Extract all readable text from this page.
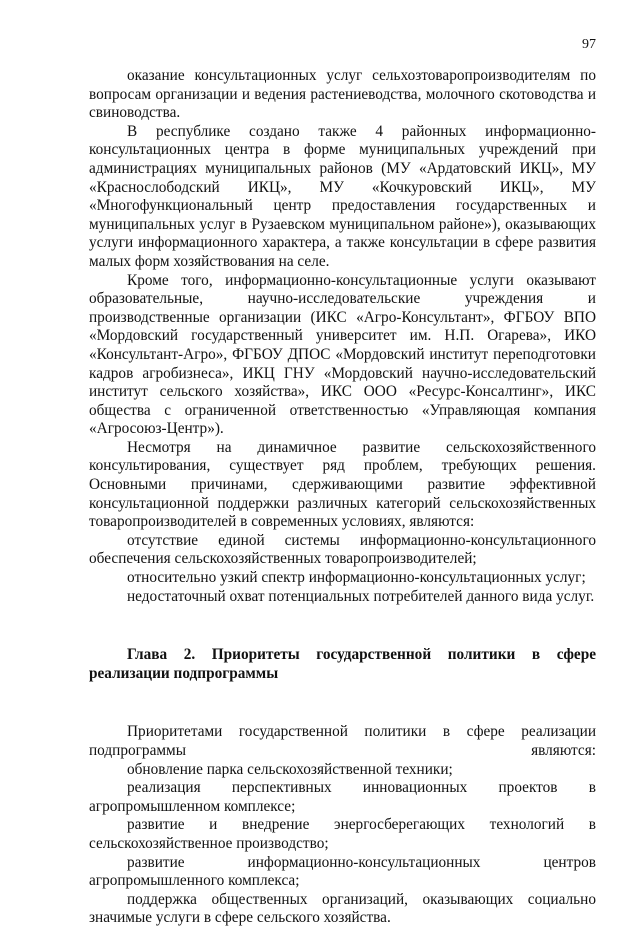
97

оказание консультационных услуг сельхозтоваропроизводителям по вопросам организации и ведения растениеводства, молочного скотоводства и свиноводства.

В республике создано также 4 районных информационно-консультационных центра в форме муниципальных учреждений при администрациях муниципальных районов (МУ «Ардатовский ИКЦ», МУ «Краснослободский ИКЦ», МУ «Кочкуровский ИКЦ», МУ «Многофункциональный центр предоставления государственных и муниципальных услуг в Рузаевском муниципальном районе»), оказывающих услуги информационного характера, а также консультации в сфере развития малых форм хозяйствования на селе.

Кроме того, информационно-консультационные услуги оказывают образовательные, научно-исследовательские учреждения и производственные организации (ИКС «Агро-Консультант», ФГБОУ ВПО «Мордовский государственный университет им. Н.П. Огарева», ИКО «Консультант-Агро», ФГБОУ ДПОС «Мордовский институт переподготовки кадров агробизнеса», ИКЦ ГНУ «Мордовский научно-исследовательский институт сельского хозяйства», ИКС ООО «Ресурс-Консалтинг», ИКС общества с ограниченной ответственностью «Управляющая компания «Агросоюз-Центр»).

Несмотря на динамичное развитие сельскохозяйственного консультирования, существует ряд проблем, требующих решения. Основными причинами, сдерживающими развитие эффективной консультационной поддержки различных категорий сельскохозяйственных товаропроизводителей в современных условиях, являются:

отсутствие единой системы информационно-консультационного обеспечения сельскохозяйственных товаропроизводителей;

относительно узкий спектр информационно-консультационных услуг;

недостаточный охват потенциальных потребителей данного вида услуг.

Глава 2. Приоритеты государственной политики в сфере реализации подпрограммы

Приоритетами государственной политики в сфере реализации подпрограммы являются:

обновление парка сельскохозяйственной техники;

реализация перспективных инновационных проектов в агропромышленном комплексе;

развитие и внедрение энергосберегающих технологий в сельскохозяйственное производство;

развитие информационно-консультационных центров агропромышленного комплекса;

поддержка общественных организаций, оказывающих социально значимые услуги в сфере сельского хозяйства.
